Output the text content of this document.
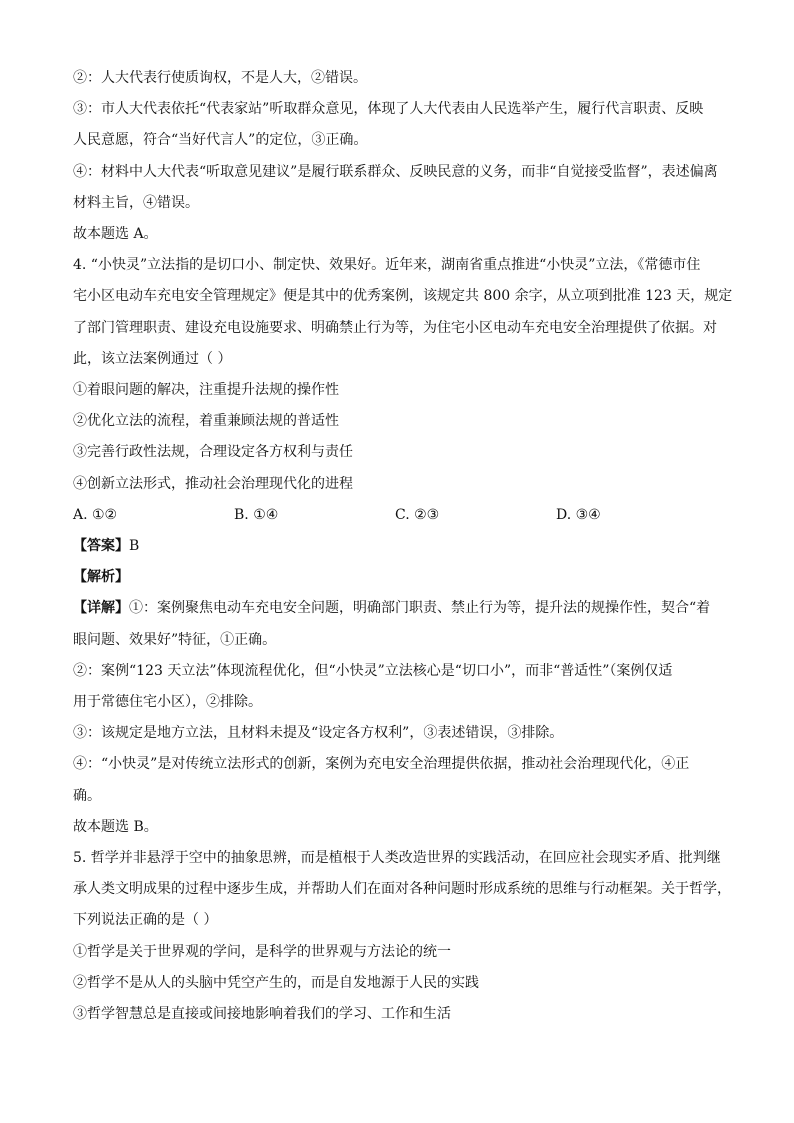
②：人大代表行使质询权，不是人大，②错误。
③：市人大代表依托“代表家站”听取群众意见，体现了人大代表由人民选举产生，履行代言职责、反映
人民意愿，符合“当好代言人”的定位，③正确。
④：材料中人大代表“听取意见建议”是履行联系群众、反映民意的义务，而非“自觉接受监督”，表述偏离
材料主旨，④错误。
故本题选 A。
4. “小快灵”立法指的是切口小、制定快、效果好。近年来，湖南省重点推进“小快灵”立法，《常德市住
宅小区电动车充电安全管理规定》便是其中的优秀案例，该规定共 800 余字，从立项到批准 123 天，规定
了部门管理职责、建设充电设施要求、明确禁止行为等，为住宅小区电动车充电安全治理提供了依据。对
此，该立法案例通过（ ）
①着眼问题的解决，注重提升法规的操作性
②优化立法的流程，着重兼顾法规的普适性
③完善行政性法规，合理设定各方权利与责任
④创新立法形式，推动社会治理现代化的进程
A. ①②	B. ①④	C. ②③	D. ③④
【答案】B
【解析】
【详解】①：案例聚焦电动车充电安全问题，明确部门职责、禁止行为等，提升法的规操作性，契合“着
眼问题、效果好”特征，①正确。
②：案例“123 天立法”体现流程优化，但“小快灵”立法核心是“切口小”，而非“普适性”（案例仅适
用于常德住宅小区），②排除。
③：该规定是地方立法，且材料未提及“设定各方权利”，③表述错误，③排除。
④：“小快灵”是对传统立法形式的创新，案例为充电安全治理提供依据，推动社会治理现代化，④正
确。
故本题选 B。
5. 哲学并非悬浮于空中的抽象思辨，而是植根于人类改造世界的实践活动，在回应社会现实矛盾、批判继
承人类文明成果的过程中逐步生成，并帮助人们在面对各种问题时形成系统的思维与行动框架。关于哲学，
下列说法正确的是（ ）
①哲学是关于世界观的学问，是科学的世界观与方法论的统一
②哲学不是从人的头脑中凭空产生的，而是自发地源于人民的实践
③哲学智慧总是直接或间接地影响着我们的学习、工作和生活
